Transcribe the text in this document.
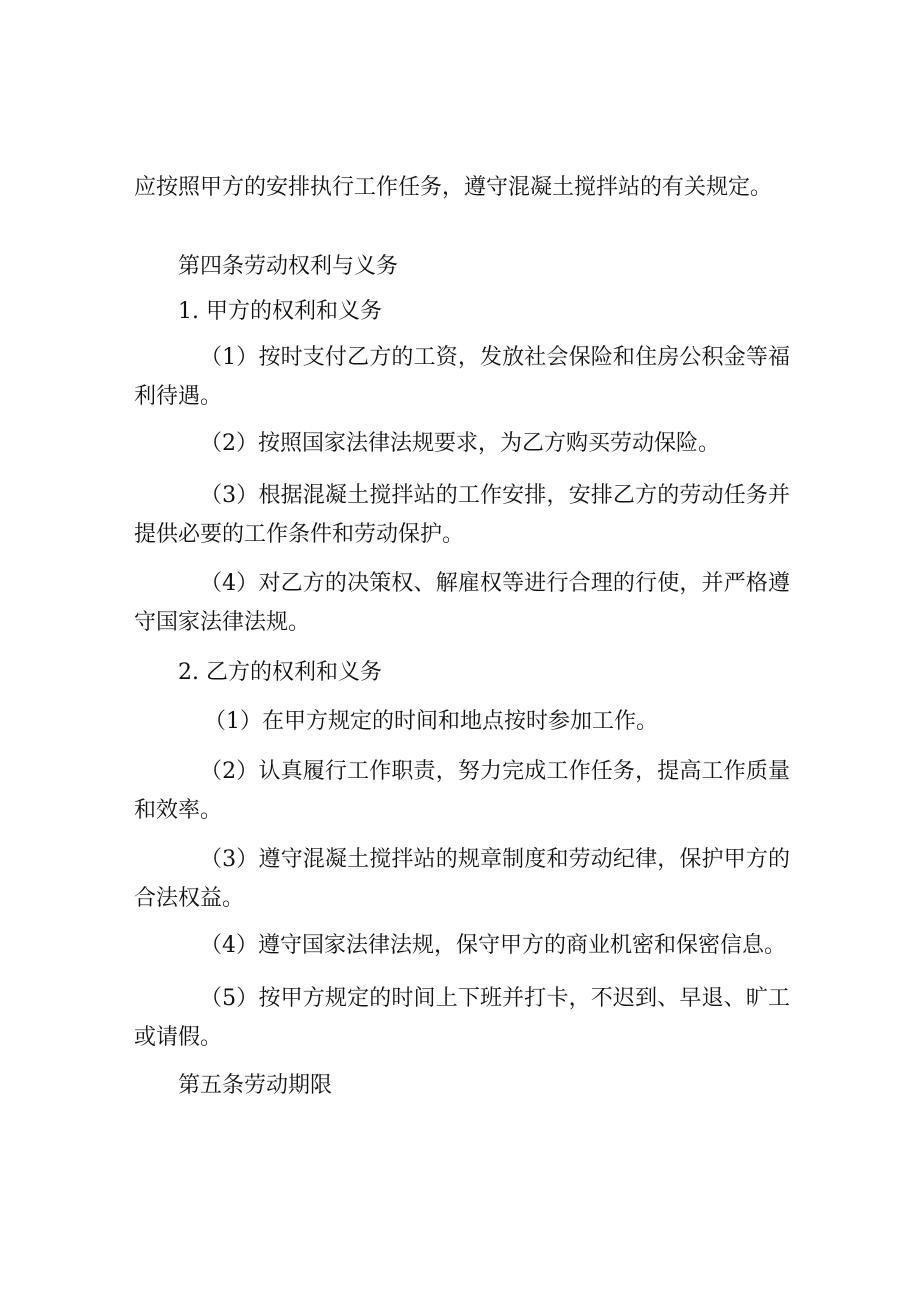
应按照甲方的安排执行工作任务，遵守混凝土搅拌站的有关规定。

第四条劳动权利与义务

1. 甲方的权利和义务

（1）按时支付乙方的工资，发放社会保险和住房公积金等福利待遇。

（2）按照国家法律法规要求，为乙方购买劳动保险。

（3）根据混凝土搅拌站的工作安排，安排乙方的劳动任务并提供必要的工作条件和劳动保护。

（4）对乙方的决策权、解雇权等进行合理的行使，并严格遵守国家法律法规。

2. 乙方的权利和义务

（1）在甲方规定的时间和地点按时参加工作。

（2）认真履行工作职责，努力完成工作任务，提高工作质量和效率。

（3）遵守混凝土搅拌站的规章制度和劳动纪律，保护甲方的合法权益。

（4）遵守国家法律法规，保守甲方的商业机密和保密信息。

（5）按甲方规定的时间上下班并打卡，不迟到、早退、旷工或请假。

第五条劳动期限
